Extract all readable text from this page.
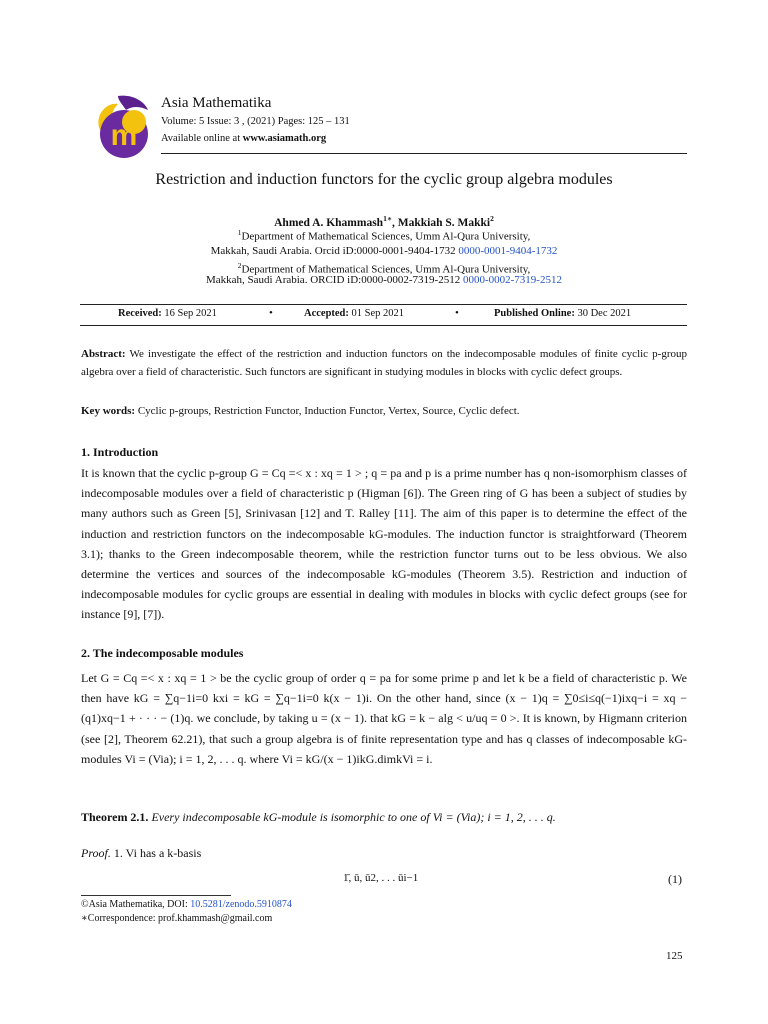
m
Asia Mathematika
Volume: 5 Issue: 3 , (2021) Pages: 125 – 131
Available online at www.asiamath.org
Restriction and induction functors for the cyclic group algebra modules
Ahmed A. Khammash$^{1∗}$, Makkiah S. Makki$^2$
$^1$Department of Mathematical Sciences, Umm Al-Qura University,
Makkah, Saudi Arabia. Orcid iD:0000-0001-9404-1732 0000-0001-9404-1732
$^2$Department of Mathematical Sciences, Umm Al-Qura University,
Makkah, Saudi Arabia. ORCID iD:0000-0002-7319-2512 0000-0002-7319-2512
Received: 16 Sep 2021	•	Accepted: 01 Sep 2021	•	Published Online: 30 Dec 2021
Abstract: We investigate the effect of the restriction and induction functors on the indecomposable modules of finite cyclic p-group algebra over a field of characteristic. Such functors are significant in studying modules in blocks with cyclic defect groups.
Key words: Cyclic p-groups, Restriction Functor, Induction Functor, Vertex, Source, Cyclic defect.
1. Introduction
It is known that the cyclic p-group G = Cq =< x : xq = 1 > ; q = pa and p is a prime number has q non-isomorphism classes of indecomposable modules over a field of characteristic p (Higman [6]). The Green ring of G has been a subject of studies by many authors such as Green [5], Srinivasan [12] and T. Ralley [11]. The aim of this paper is to determine the effect of the induction and restriction functors on the indecomposable kG-modules. The induction functor is straightforward (Theorem 3.1); thanks to the Green indecomposable theorem, while the restriction functor turns out to be less obvious. We also determine the vertices and sources of the indecomposable kG-modules (Theorem 3.5). Restriction and induction of indecomposable modules for cyclic groups are essential in dealing with modules in blocks with cyclic defect groups (see for instance [9], [7]).
2. The indecomposable modules
Let G = Cq =< x : xq = 1 > be the cyclic group of order q = pa for some prime p and let k be a field of characteristic p. We then have kG = ∑q−1i=0 kxi = kG = ∑q−1i=0 k(x − 1)i. On the other hand, since (x − 1)q = ∑0≤i≤q(−1)ixq−i = xq − (q1)xq−1 + · · · − (1)q. we conclude, by taking u = (x − 1). that kG = k − alg < u/uq = 0 >. It is known, by Higmann criterion (see [2], Theorem 62.21), that such a group algebra is of finite representation type and has q classes of indecomposable kG-modules Vi = (Via); i = 1, 2, . . . q. where Vi = kG/(x − 1)ikG.dimkVi = i.
Theorem 2.1. Every indecomposable kG-module is isomorphic to one of Vi = (Via); i = 1, 2, . . . q.
Proof. 1. Vi has a k-basis
1̄, ū, ū2, . . . ūi−1	(1)
©Asia Mathematika, DOI: 10.5281/zenodo.5910874
∗Correspondence: prof.khammash@gmail.com
125
